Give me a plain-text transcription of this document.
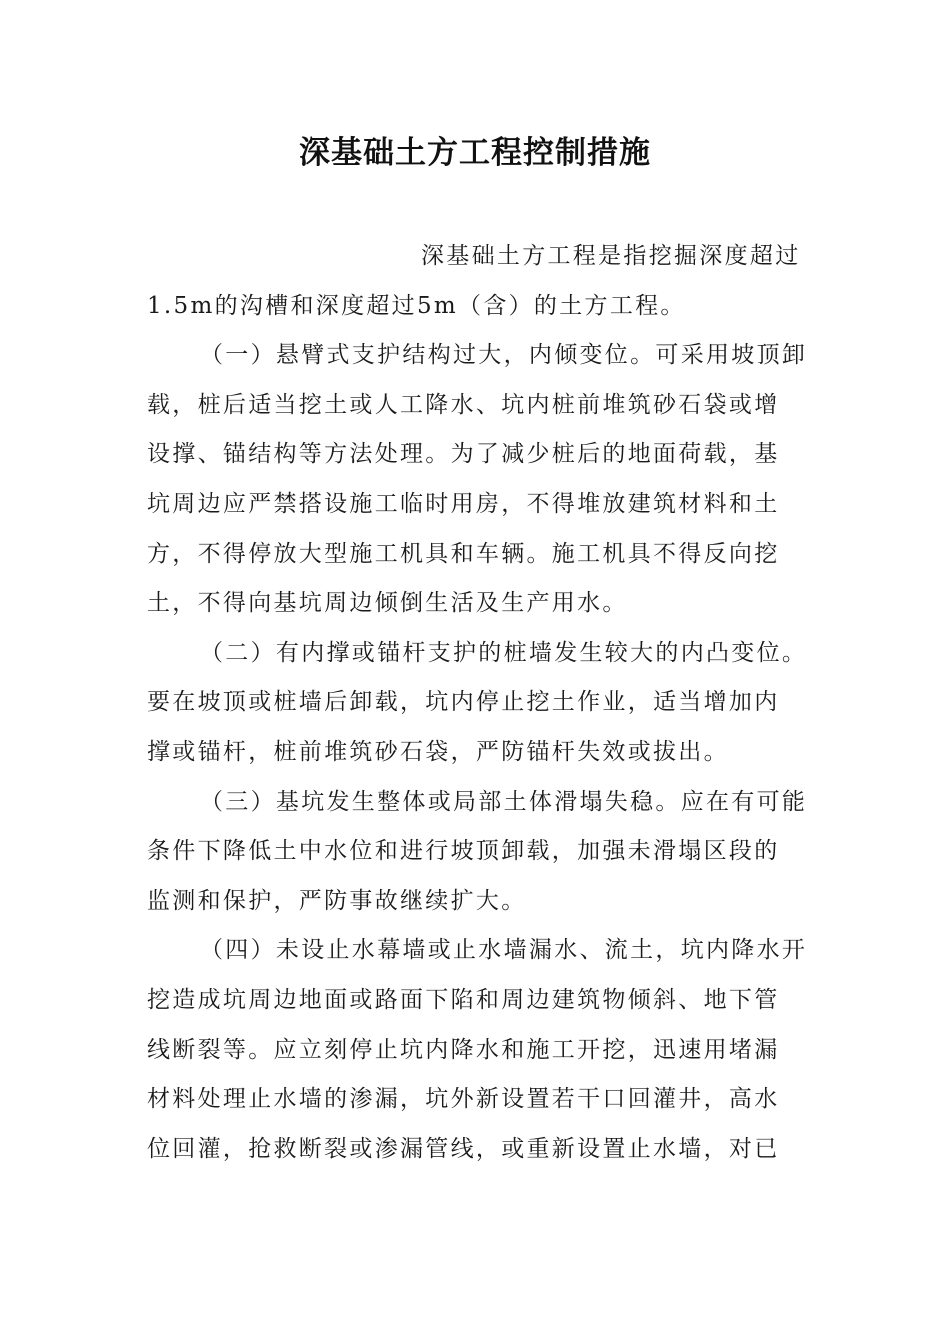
深基础土方工程控制措施
深基础土方工程是指挖掘深度超过
1.5m的沟槽和深度超过5m（含）的土方工程。
（一）悬臂式支护结构过大，内倾变位。可采用坡顶卸
载，桩后适当挖土或人工降水、坑内桩前堆筑砂石袋或增
设撑、锚结构等方法处理。为了减少桩后的地面荷载，基
坑周边应严禁搭设施工临时用房，不得堆放建筑材料和土
方，不得停放大型施工机具和车辆。施工机具不得反向挖
土，不得向基坑周边倾倒生活及生产用水。
（二）有内撑或锚杆支护的桩墙发生较大的内凸变位。
要在坡顶或桩墙后卸载，坑内停止挖土作业，适当增加内
撑或锚杆，桩前堆筑砂石袋，严防锚杆失效或拔出。
（三）基坑发生整体或局部土体滑塌失稳。应在有可能
条件下降低土中水位和进行坡顶卸载，加强未滑塌区段的
监测和保护，严防事故继续扩大。
（四）未设止水幕墙或止水墙漏水、流土，坑内降水开
挖造成坑周边地面或路面下陷和周边建筑物倾斜、地下管
线断裂等。应立刻停止坑内降水和施工开挖，迅速用堵漏
材料处理止水墙的渗漏，坑外新设置若干口回灌井，高水
位回灌，抢救断裂或渗漏管线，或重新设置止水墙，对已
